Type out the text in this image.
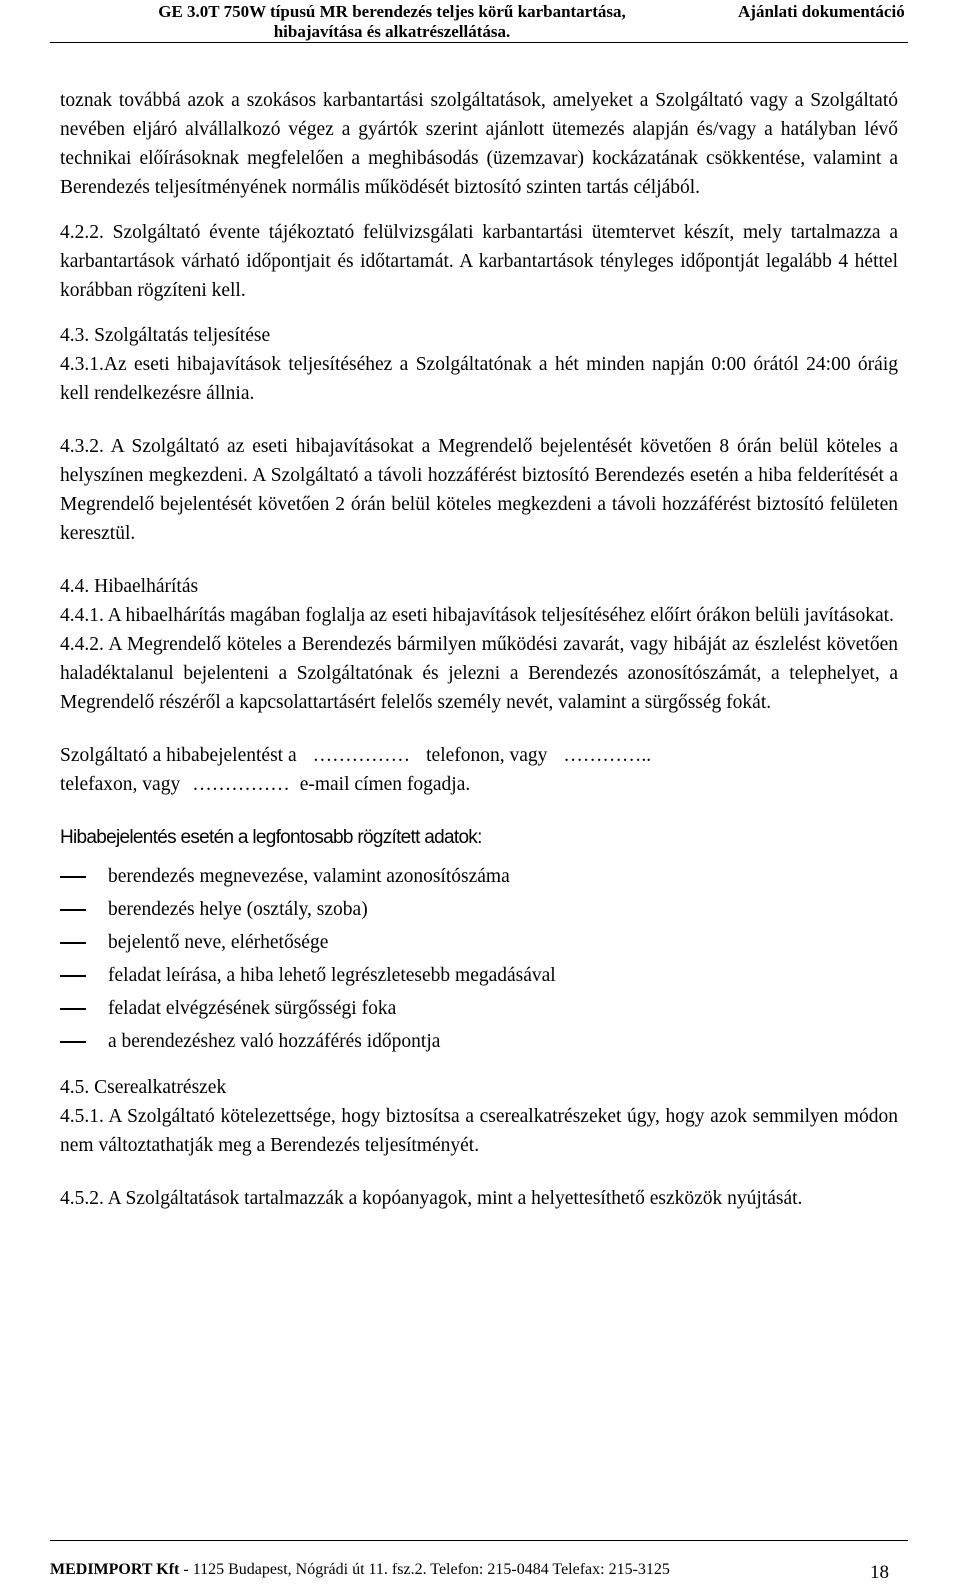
GE 3.0T 750W típusú MR berendezés teljes körű karbantartása,
hibajavítása és alkatrészellátása.
Ajánlati dokumentáció

toznak továbbá azok a szokásos karbantartási szolgáltatások, amelyeket a Szolgáltató vagy a Szolgáltató nevében eljáró alvállalkozó végez a gyártók szerint ajánlott ütemezés alapján és/vagy a hatályban lévő technikai előírásoknak megfelelően a meghibásodás (üzemzavar) kockázatának csökkentése, valamint a Berendezés teljesítményének normális működését biztosító szinten tartás céljából.

4.2.2. Szolgáltató évente tájékoztató felülvizsgálati karbantartási ütemtervet készít, mely tartalmazza a karbantartások várható időpontjait és időtartamát. A karbantartások tényleges időpontját legalább 4 héttel korábban rögzíteni kell.

4.3. Szolgáltatás teljesítése

4.3.1.Az eseti hibajavítások teljesítéséhez a Szolgáltatónak a hét minden napján 0:00 órától 24:00 óráig kell rendelkezésre állnia.

4.3.2. A Szolgáltató az eseti hibajavításokat a Megrendelő bejelentését követően 8 órán belül köteles a helyszínen megkezdeni. A Szolgáltató a távoli hozzáférést biztosító Berendezés esetén a hiba felderítését a Megrendelő bejelentését követően 2 órán belül köteles megkezdeni a távoli hozzáférést biztosító felületen keresztül.

4.4. Hibaelhárítás

4.4.1. A hibaelhárítás magában foglalja az eseti hibajavítások teljesítéséhez előírt órákon belüli javításokat.

4.4.2. A Megrendelő köteles a Berendezés bármilyen működési zavarát, vagy hibáját az észlelést követően haladéktalanul bejelenteni a Szolgáltatónak és jelezni a Berendezés azonosítószámát, a telephelyet, a Megrendelő részéről a kapcsolattartásért felelős személy nevét, valamint a sürgősség fokát.

Szolgáltató a hibabejelentést a …………… telefonon, vagy …………..
telefaxon, vagy …………… e-mail címen fogadja.

Hibabejelentés esetén a legfontosabb rögzített adatok:

berendezés megnevezése, valamint azonosítószáma
berendezés helye (osztály, szoba)
bejelentő neve, elérhetősége
feladat leírása, a hiba lehető legrészletesebb megadásával
feladat elvégzésének sürgősségi foka
a berendezéshez való hozzáférés időpontja

4.5. Cserealkatrészek

4.5.1. A Szolgáltató kötelezettsége, hogy biztosítsa a cserealkatrészeket úgy, hogy azok semmilyen módon nem változtathatják meg a Berendezés teljesítményét.

4.5.2. A Szolgáltatások tartalmazzák a kopóanyagok, mint a helyettesíthető eszközök nyújtását.

MEDIMPORT Kft - 1125 Budapest, Nógrádi út 11. fsz.2. Telefon: 215-0484 Telefax: 215-3125	18
